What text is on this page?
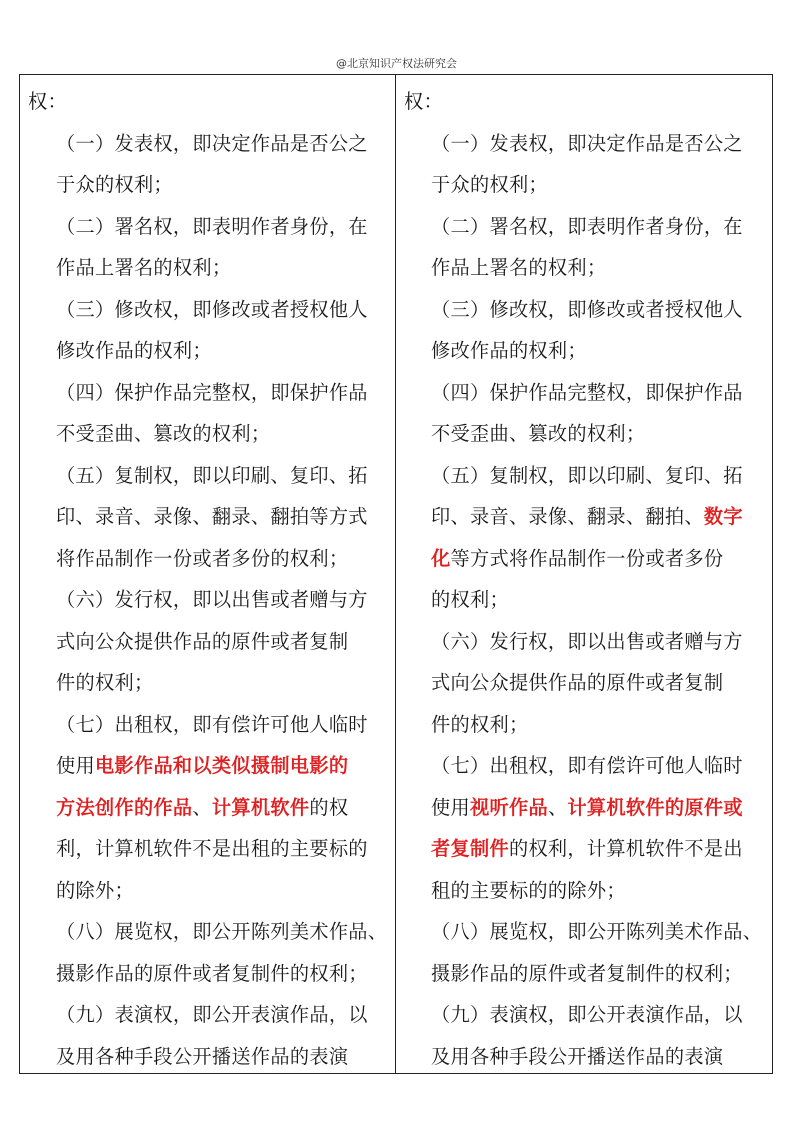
@北京知识产权法研究会
权：
（一）发表权，即决定作品是否公之
于众的权利；
（二）署名权，即表明作者身份，在
作品上署名的权利；
（三）修改权，即修改或者授权他人
修改作品的权利；
（四）保护作品完整权，即保护作品
不受歪曲、篡改的权利；
（五）复制权，即以印刷、复印、拓
印、录音、录像、翻录、翻拍等方式
将作品制作一份或者多份的权利；
（六）发行权，即以出售或者赠与方
式向公众提供作品的原件或者复制
件的权利；
（七）出租权，即有偿许可他人临时
使用电影作品和以类似摄制电影的
方法创作的作品、计算机软件的权
利，计算机软件不是出租的主要标的
的除外；
（八）展览权，即公开陈列美术作品、
摄影作品的原件或者复制件的权利；
（九）表演权，即公开表演作品，以
及用各种手段公开播送作品的表演
权：
（一）发表权，即决定作品是否公之
于众的权利；
（二）署名权，即表明作者身份，在
作品上署名的权利；
（三）修改权，即修改或者授权他人
修改作品的权利；
（四）保护作品完整权，即保护作品
不受歪曲、篡改的权利；
（五）复制权，即以印刷、复印、拓
印、录音、录像、翻录、翻拍、数字
化等方式将作品制作一份或者多份
的权利；
（六）发行权，即以出售或者赠与方
式向公众提供作品的原件或者复制
件的权利；
（七）出租权，即有偿许可他人临时
使用视听作品、计算机软件的原件或
者复制件的权利，计算机软件不是出
租的主要标的的除外；
（八）展览权，即公开陈列美术作品、
摄影作品的原件或者复制件的权利；
（九）表演权，即公开表演作品，以
及用各种手段公开播送作品的表演
